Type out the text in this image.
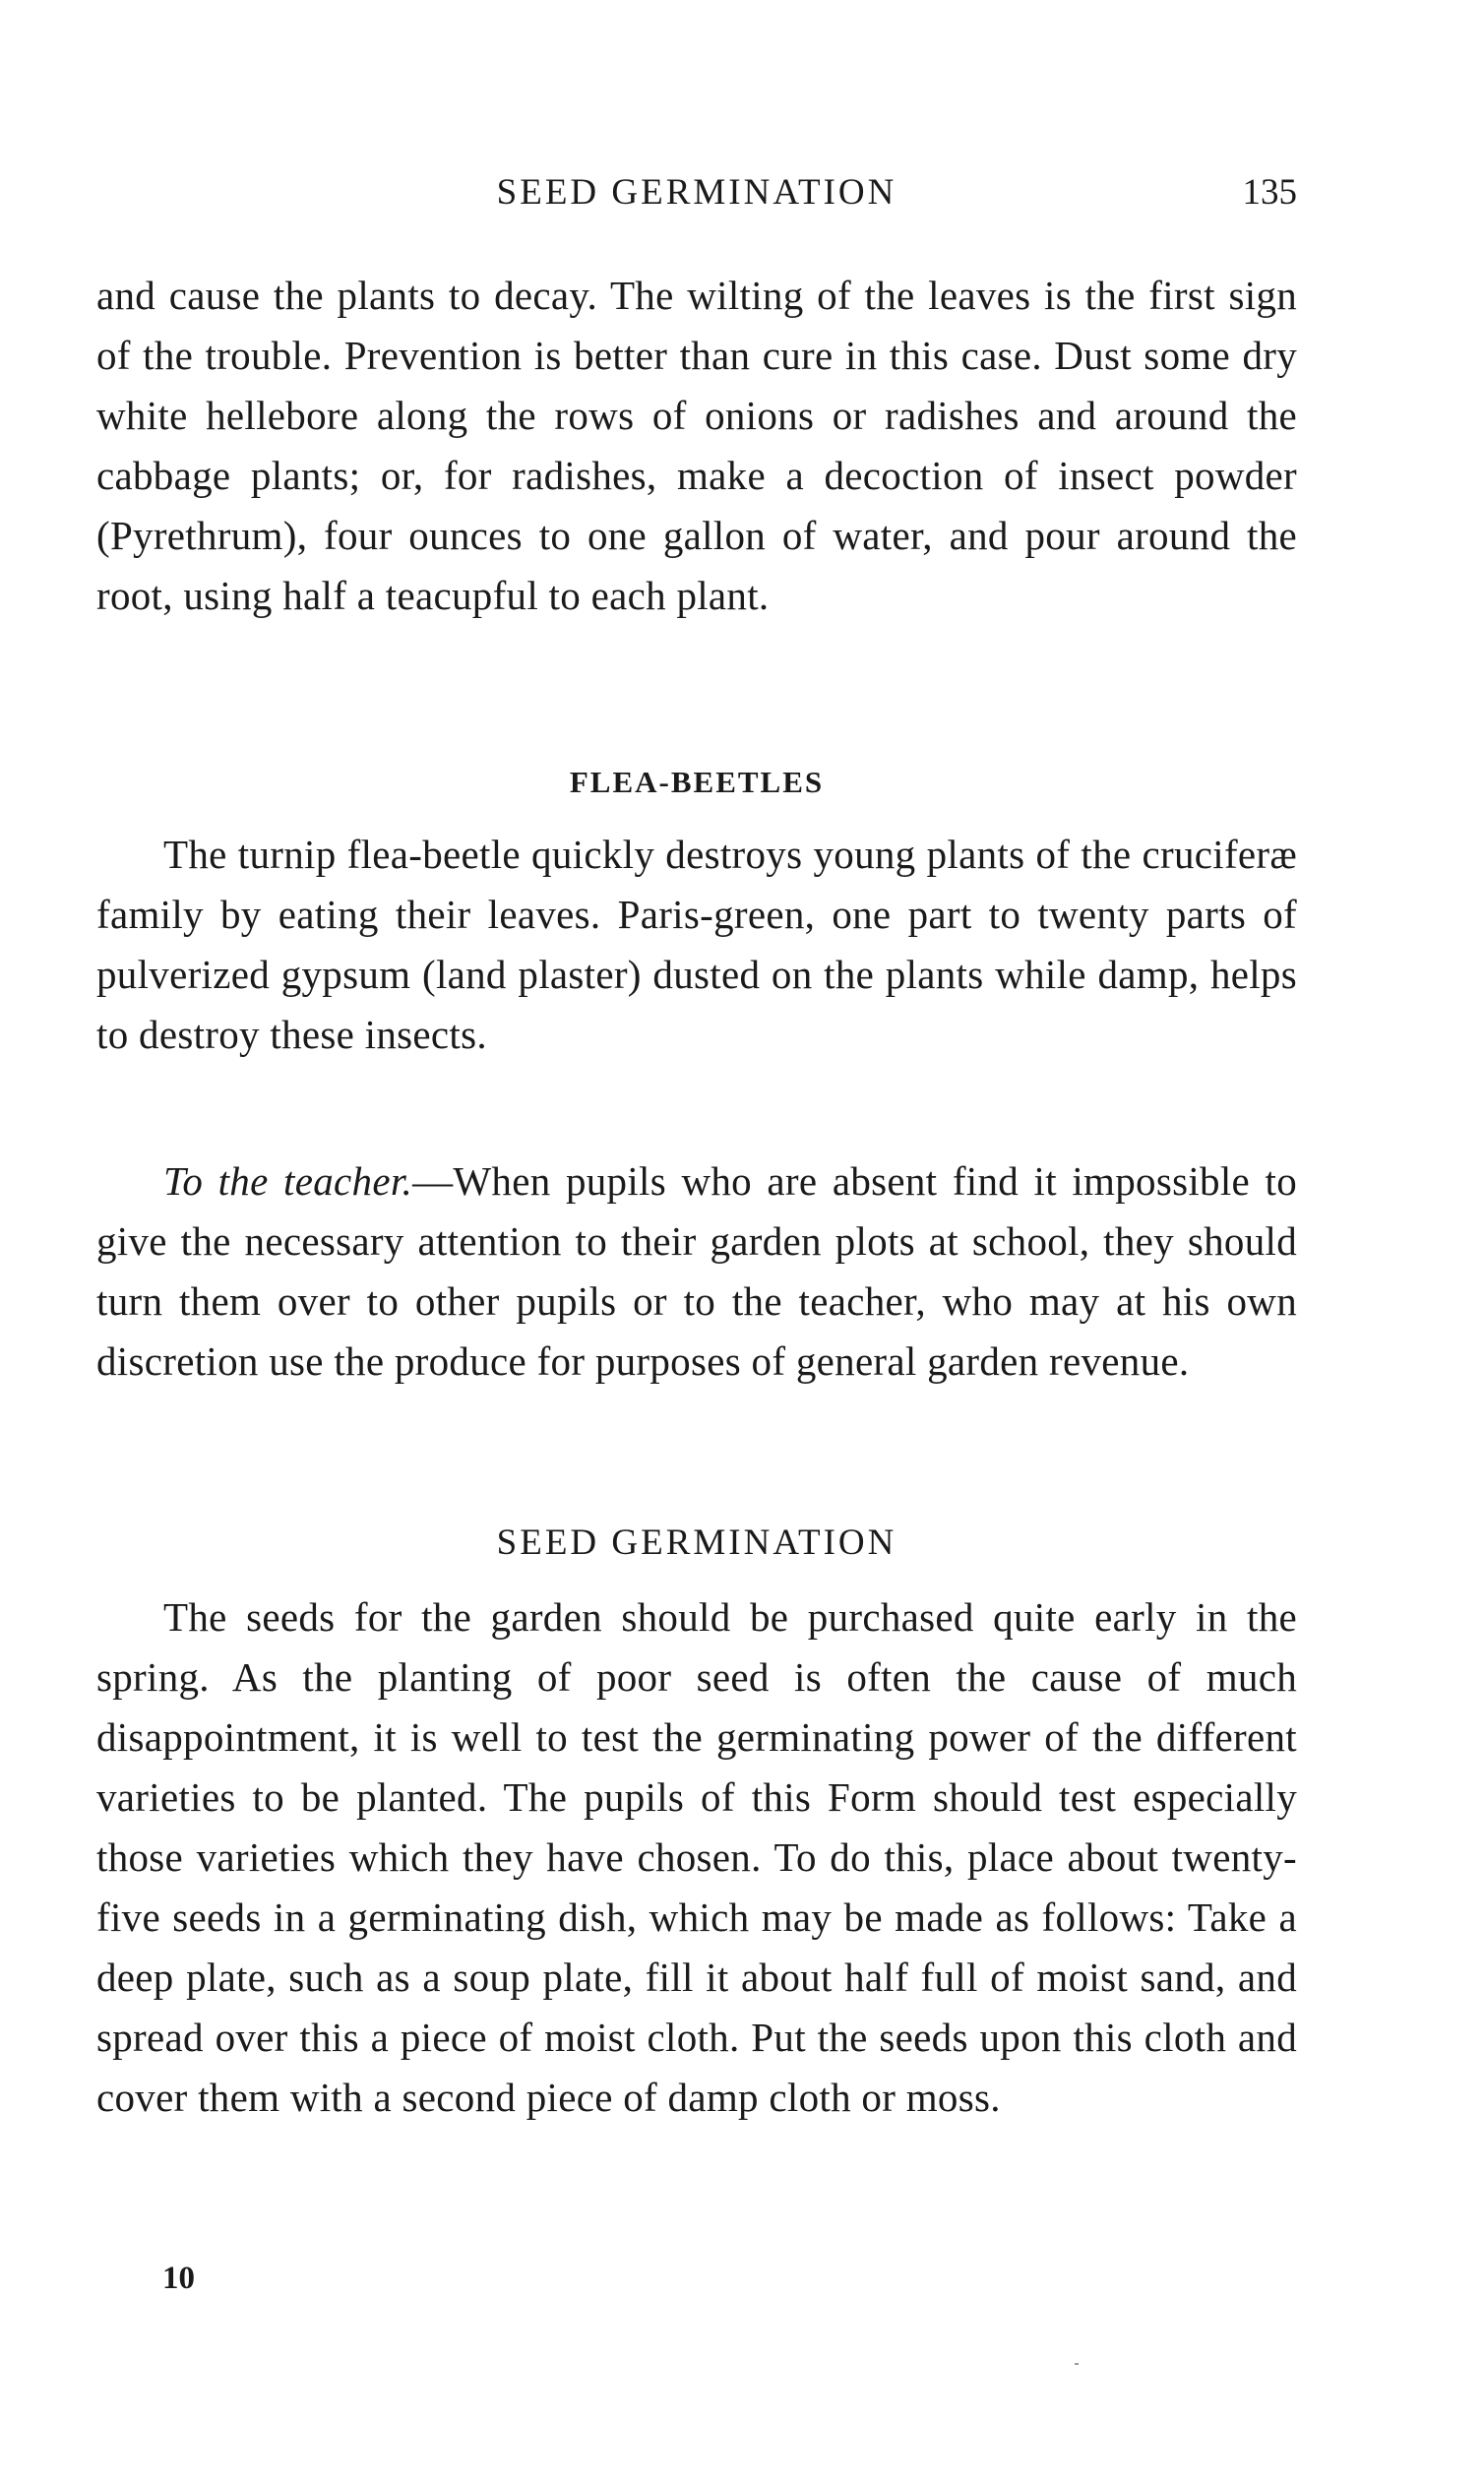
SEED GERMINATION	135

and cause the plants to decay. The wilting of the leaves is the first sign of the trouble. Prevention is better than cure in this case. Dust some dry white hellebore along the rows of onions or radishes and around the cabbage plants; or, for radishes, make a decoction of insect powder (Pyrethrum), four ounces to one gallon of water, and pour around the root, using half a teacupful to each plant.

FLEA-BEETLES

The turnip flea-beetle quickly destroys young plants of the cruciferæ family by eating their leaves. Paris-green, one part to twenty parts of pulverized gypsum (land plaster) dusted on the plants while damp, helps to destroy these insects.

To the teacher.—When pupils who are absent find it impossible to give the necessary attention to their garden plots at school, they should turn them over to other pupils or to the teacher, who may at his own discretion use the produce for purposes of general garden revenue.

SEED GERMINATION

The seeds for the garden should be purchased quite early in the spring. As the planting of poor seed is often the cause of much disappointment, it is well to test the germinating power of the different varieties to be planted. The pupils of this Form should test especially those varieties which they have chosen. To do this, place about twenty-five seeds in a germinating dish, which may be made as follows: Take a deep plate, such as a soup plate, fill it about half full of moist sand, and spread over this a piece of moist cloth. Put the seeds upon this cloth and cover them with a second piece of damp cloth or moss.

10
